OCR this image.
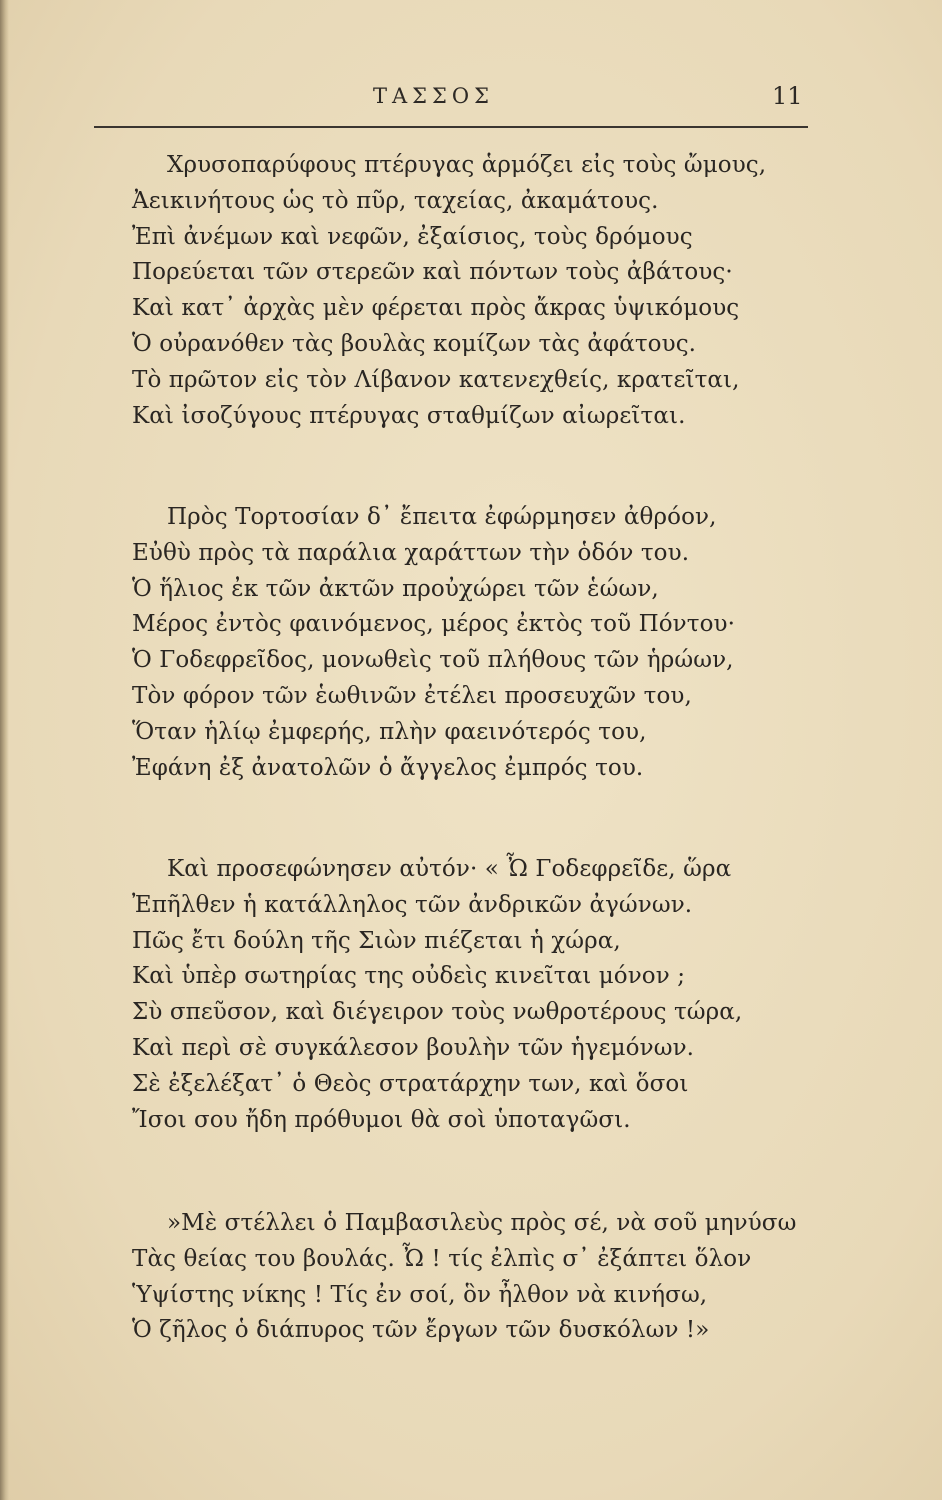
ΤΑΣΣΟΣ	11
Χρυσοπαρύφους πτέρυγας ἁρμόζει εἰς τοὺς ὤμους,
Ἀεικινήτους ὡς τὸ πῦρ, ταχείας, ἀκαμάτους.
Ἐπὶ ἀνέμων καὶ νεφῶν, ἐξαίσιος, τοὺς δρόμους
Πορεύεται τῶν στερεῶν καὶ πόντων τοὺς ἀβάτους·
Καὶ κατ᾽ ἀρχὰς μὲν φέρεται πρὸς ἄκρας ὑψικόμους
Ὁ οὐρανόθεν τὰς βουλὰς κομίζων τὰς ἀφάτους.
Τὸ πρῶτον εἰς τὸν Λίβανον κατενεχθείς, κρατεῖται,
Καὶ ἰσοζύγους πτέρυγας σταθμίζων αἰωρεῖται.
Πρὸς Τορτοσίαν δ᾽ ἔπειτα ἐφώρμησεν ἀθρόον,
Εὐθὺ πρὸς τὰ παράλια χαράττων τὴν ὁδόν του.
Ὁ ἥλιος ἐκ τῶν ἀκτῶν προὐχώρει τῶν ἑώων,
Μέρος ἐντὸς φαινόμενος, μέρος ἐκτὸς τοῦ Πόντου·
Ὁ Γοδεφρεῖδος, μονωθεὶς τοῦ πλήθους τῶν ἡρώων,
Τὸν φόρον τῶν ἑωθινῶν ἐτέλει προσευχῶν του,
Ὅταν ἡλίῳ ἐμφερής, πλὴν φαεινότερός του,
Ἐφάνη ἐξ ἀνατολῶν ὁ ἄγγελος ἐμπρός του.
Καὶ προσεφώνησεν αὐτόν· « Ὦ Γοδεφρεῖδε, ὥρα
Ἐπῆλθεν ἡ κατάλληλος τῶν ἀνδρικῶν ἀγώνων.
Πῶς ἔτι δούλη τῆς Σιὼν πιέζεται ἡ χώρα,
Καὶ ὑπὲρ σωτηρίας της οὐδεὶς κινεῖται μόνον ;
Σὺ σπεῦσον, καὶ διέγειρον τοὺς νωθροτέρους τώρα,
Καὶ περὶ σὲ συγκάλεσον βουλὴν τῶν ἡγεμόνων.
Σὲ ἐξελέξατ᾽ ὁ Θεὸς στρατάρχην των, καὶ ὅσοι
Ἴσοι σου ἤδη πρόθυμοι θὰ σοὶ ὑποταγῶσι.
»Μὲ στέλλει ὁ Παμβασιλεὺς πρὸς σέ, νὰ σοῦ μηνύσω
Τὰς θείας του βουλάς. Ὦ ! τίς ἐλπὶς σ᾽ ἐξάπτει ὅλον
Ὑψίστης νίκης ! Τίς ἐν σοί, ὃν ἦλθον νὰ κινήσω,
Ὁ ζῆλος ὁ διάπυρος τῶν ἔργων τῶν δυσκόλων !»
